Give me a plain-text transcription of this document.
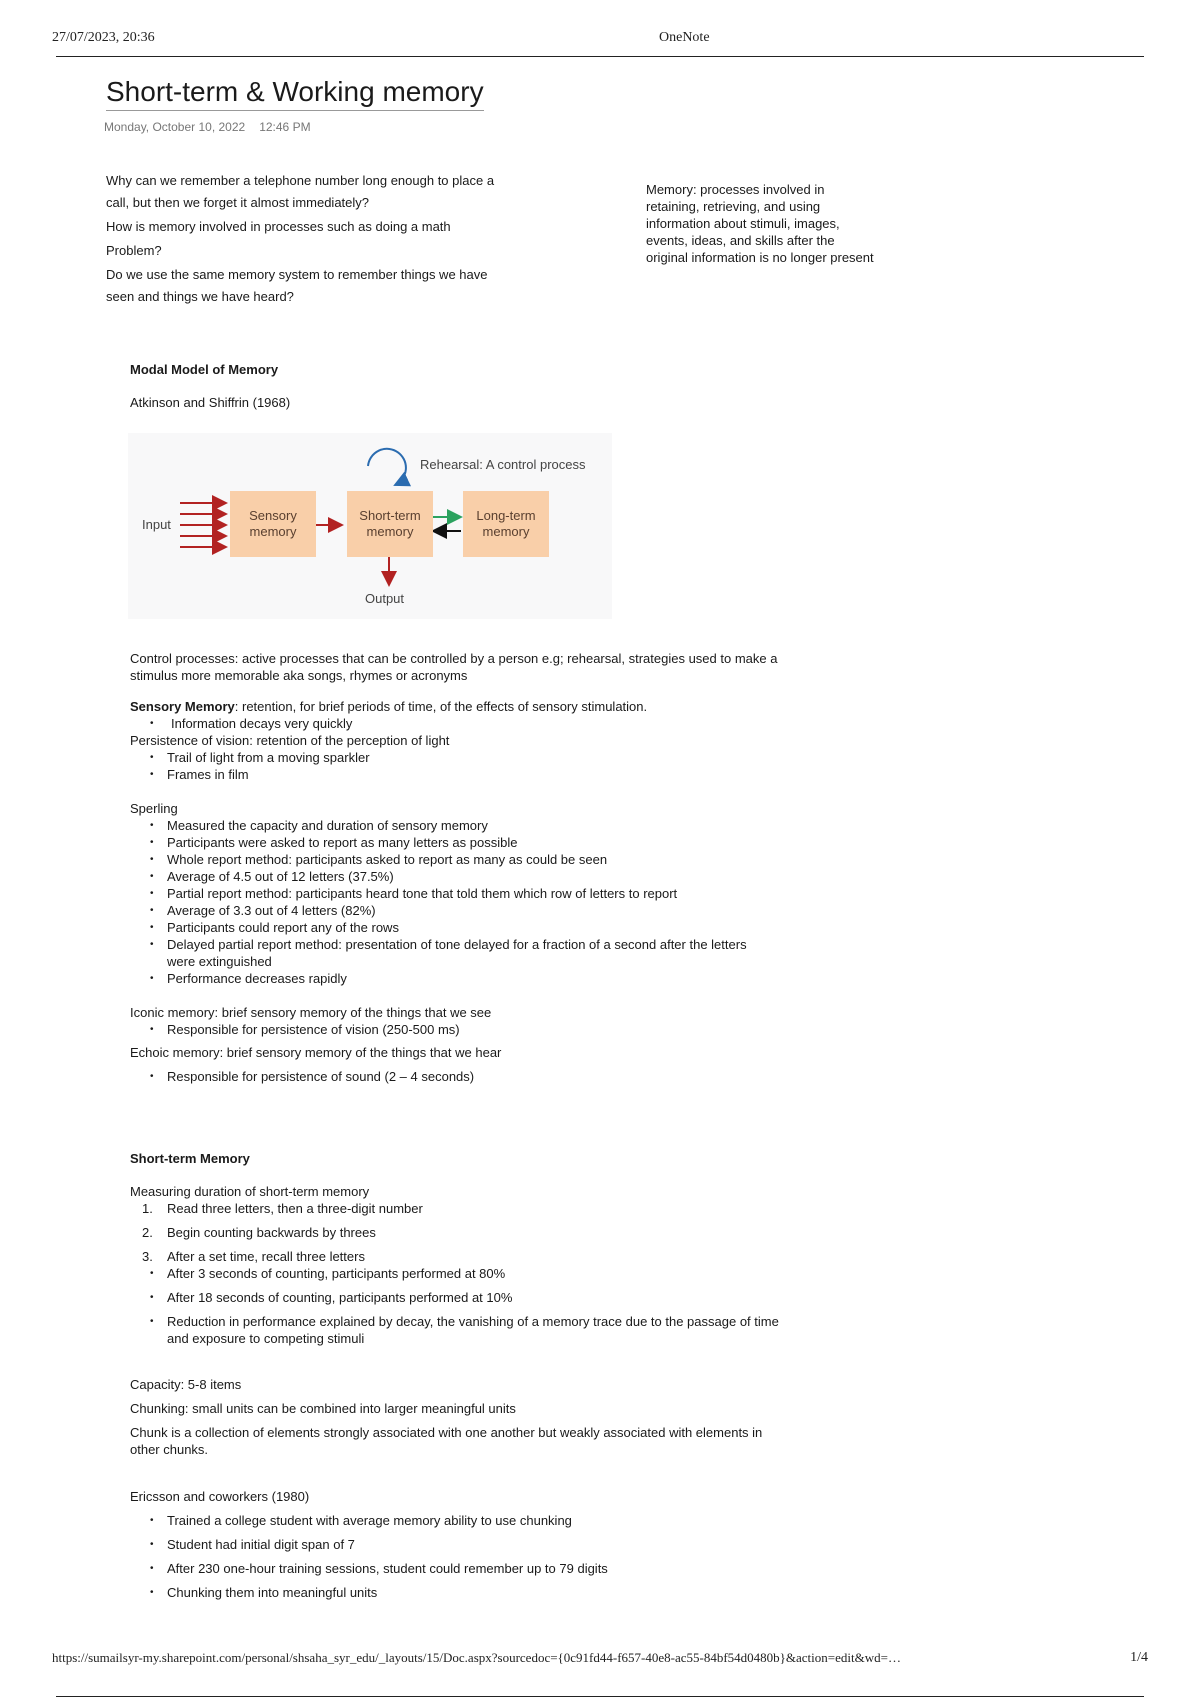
27/07/2023, 20:36	OneNote
Short-term & Working memory
Monday, October 10, 2022 12:46 PM
Why can we remember a telephone number long enough to place a

call, but then we forget it almost immediately?

How is memory involved in processes such as doing a math

Problem?

Do we use the same memory system to remember things we have

seen and things we have heard?

Memory: processes involved in retaining, retrieving, and using information about stimuli, images, events, ideas, and skills after the original information is no longer present

Modal Model of Memory

Atkinson and Shiffrin (1968)

Rehearsal: A control process
Input
Sensory memory
Short-term memory
Long-term memory
Output

Control processes: active processes that can be controlled by a person e.g; rehearsal, strategies used to make a stimulus more memorable aka songs, rhymes or acronyms

Sensory Memory: retention, for brief periods of time, of the effects of sensory stimulation.

• Information decays very quickly

Persistence of vision: retention of the perception of light

• Trail of light from a moving sparkler
• Frames in film

Sperling

• Measured the capacity and duration of sensory memory
• Participants were asked to report as many letters as possible
• Whole report method: participants asked to report as many as could be seen
• Average of 4.5 out of 12 letters (37.5%)
• Partial report method: participants heard tone that told them which row of letters to report
• Average of 3.3 out of 4 letters (82%)
• Participants could report any of the rows
• Delayed partial report method: presentation of tone delayed for a fraction of a second after the letters were extinguished
• Performance decreases rapidly

Iconic memory: brief sensory memory of the things that we see

• Responsible for persistence of vision (250-500 ms)

Echoic memory: brief sensory memory of the things that we hear

• Responsible for persistence of sound (2 – 4 seconds)

Short-term Memory

Measuring duration of short-term memory

1. Read three letters, then a three-digit number
2. Begin counting backwards by threes
3. After a set time, recall three letters
• After 3 seconds of counting, participants performed at 80%
• After 18 seconds of counting, participants performed at 10%
• Reduction in performance explained by decay, the vanishing of a memory trace due to the passage of time and exposure to competing stimuli

Capacity: 5-8 items

Chunking: small units can be combined into larger meaningful units

Chunk is a collection of elements strongly associated with one another but weakly associated with elements in other chunks.

Ericsson and coworkers (1980)

• Trained a college student with average memory ability to use chunking
• Student had initial digit span of 7
• After 230 one-hour training sessions, student could remember up to 79 digits
• Chunking them into meaningful units
https://sumailsyr-my.sharepoint.com/personal/shsaha_syr_edu/_layouts/15/Doc.aspx?sourcedoc={0c91fd44-f657-40e8-ac55-84bf54d0480b}&action=edit&wd=…	1/4
